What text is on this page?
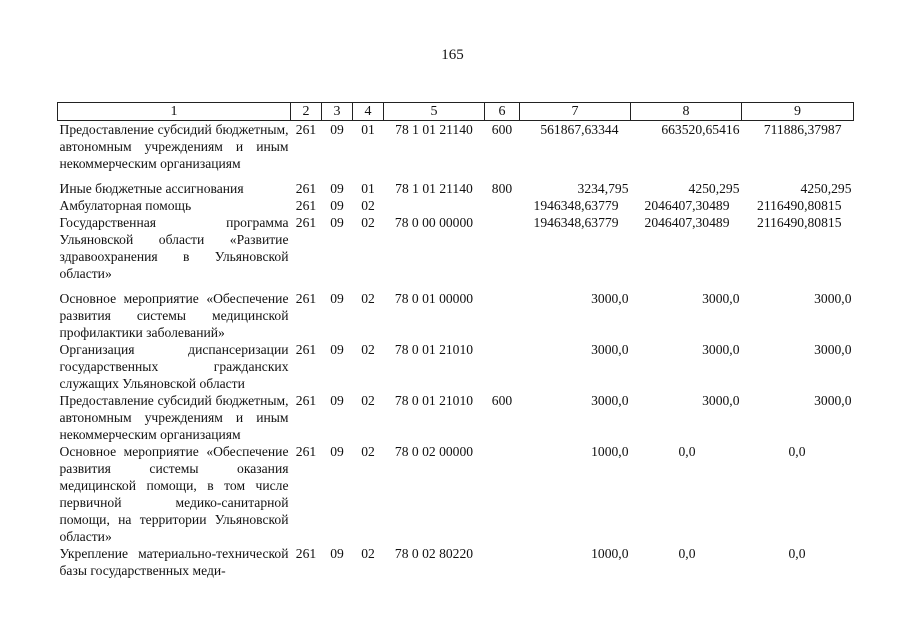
165
1	2	3	4	5	6	7	8	9
Предоставление субсидий бюджетным, автономным учреждениям и иным некоммерческим организациям	261	09	01	78 1 01 21140	600	561867,63344	663520,65416	711886,37987

Иные бюджетные ассигнования	261	09	01	78 1 01 21140	800	3234,795	4250,295	4250,295
Амбулаторная помощь	261	09	02			1946348,63779	2046407,30489	2116490,80815
Государственная программа Ульяновской области «Развитие здравоохранения в Ульяновской области»	261	09	02	78 0 00 00000		1946348,63779	2046407,30489	2116490,80815

Основное мероприятие «Обеспечение развития системы медицинской профилактики заболеваний»	261	09	02	78 0 01 00000		3000,0	3000,0	3000,0
Организация диспансеризации государственных гражданских служащих Ульяновской области	261	09	02	78 0 01 21010		3000,0	3000,0	3000,0
Предоставление субсидий бюджетным, автономным учреждениям и иным некоммерческим организациям	261	09	02	78 0 01 21010	600	3000,0	3000,0	3000,0
Основное мероприятие «Обеспечение развития системы оказания медицинской помощи, в том числе первичной медико-санитарной помощи, на территории Ульяновской области»	261	09	02	78 0 02 00000		1000,0	0,0	0,0
Укрепление материально-технической базы государственных меди-	261	09	02	78 0 02 80220		1000,0	0,0	0,0
